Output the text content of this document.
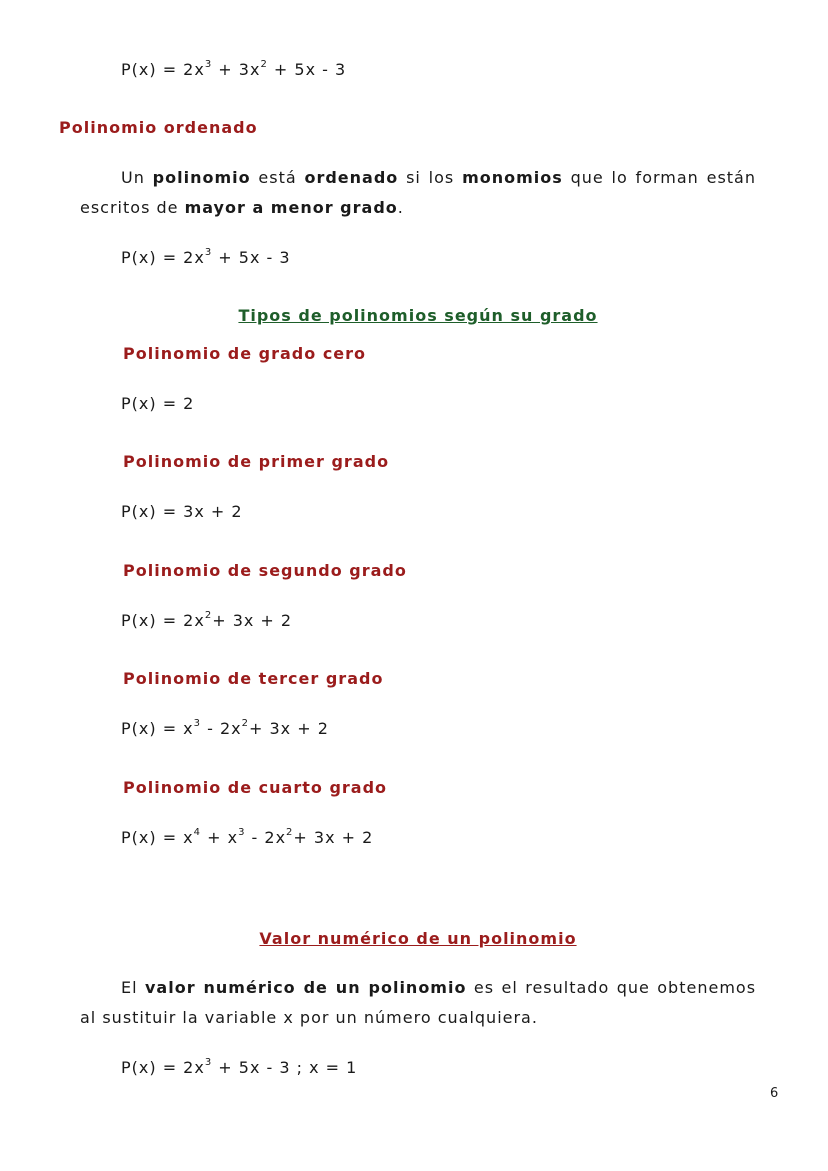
$P(x) = 2x^3 + 3x^2 + 5x - 3$
Polinomio ordenado
Un polinomio está ordenado si los monomios que lo forman están escritos de mayor a menor grado.
$P(x) = 2x^3 + 5x - 3$
Tipos de polinomios según su grado
Polinomio de grado cero
P(x) = 2
Polinomio de primer grado
P(x) = 3x + 2
Polinomio de segundo grado
$P(x) = 2x^2+ 3x + 2$
Polinomio de tercer grado
$P(x) = x^3 - 2x^2+ 3x + 2$
Polinomio de cuarto grado
$P(x) = x^4 + x^3 - 2x^2+ 3x + 2$
Valor numérico de un polinomio
El valor numérico de un polinomio es el resultado que obtenemos al sustituir la variable x por un número cualquiera.
$P(x) = 2x^3 + 5x - 3$ ; x = 1
6
